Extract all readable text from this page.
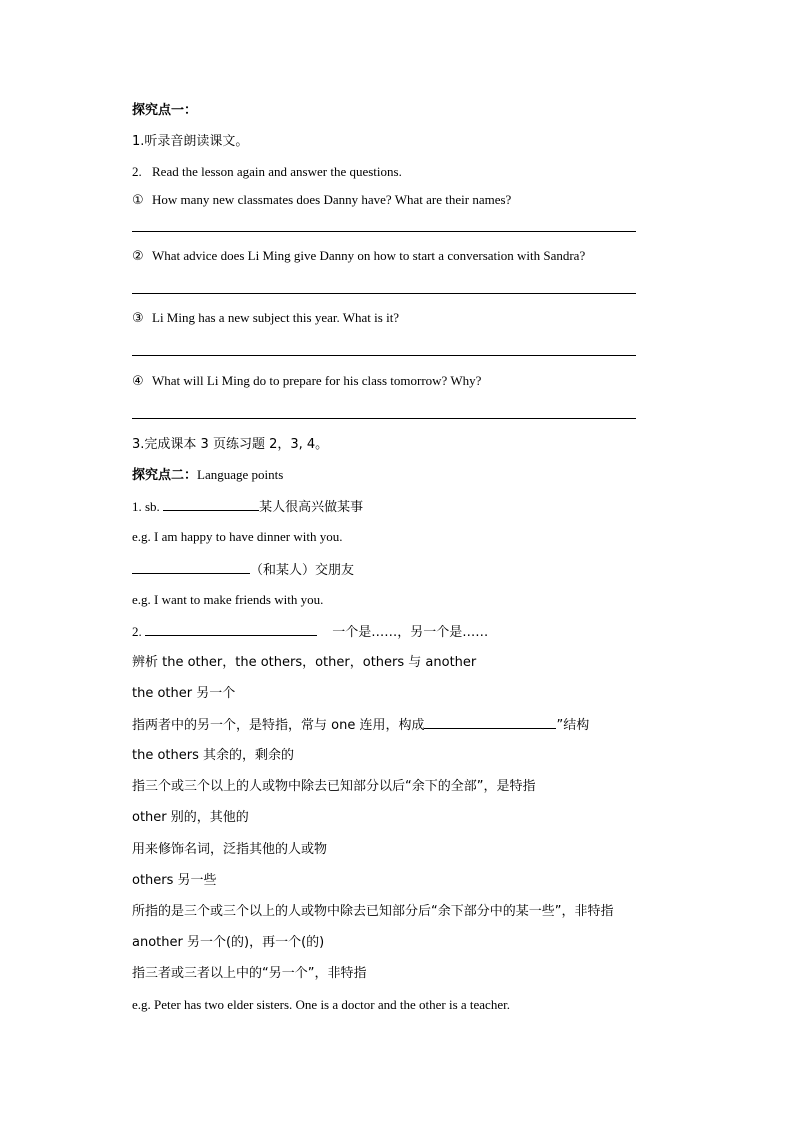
探究点一：
1.听录音朗读课文。
2. Read the lesson again and answer the questions.
① How many new classmates does Danny have? What are their names?
② What advice does Li Ming give Danny on how to start a conversation with Sandra?
③ Li Ming has a new subject this year. What is it?
④ What will Li Ming do to prepare for his class tomorrow? Why?
3.完成课本 3 页练习题 2，3, 4。
探究点二：Language points
1. sb.	某人很高兴做某事
e.g. I am happy to have dinner with you.
（和某人）交朋友
e.g. I want to make friends with you.
2.	一个是……，另一个是……
辨析 the other，the others，other，others 与 another
the other 另一个
指两者中的另一个，是特指，常与 one 连用，构成	”结构
the others 其余的，剩余的
指三个或三个以上的人或物中除去已知部分以后“余下的全部”，是特指
other 别的，其他的
用来修饰名词，泛指其他的人或物
others 另一些
所指的是三个或三个以上的人或物中除去已知部分后“余下部分中的某一些”，非特指
another 另一个(的)，再一个(的)
指三者或三者以上中的“另一个”，非特指
e.g. Peter has two elder sisters. One is a doctor and the other is a teacher.
